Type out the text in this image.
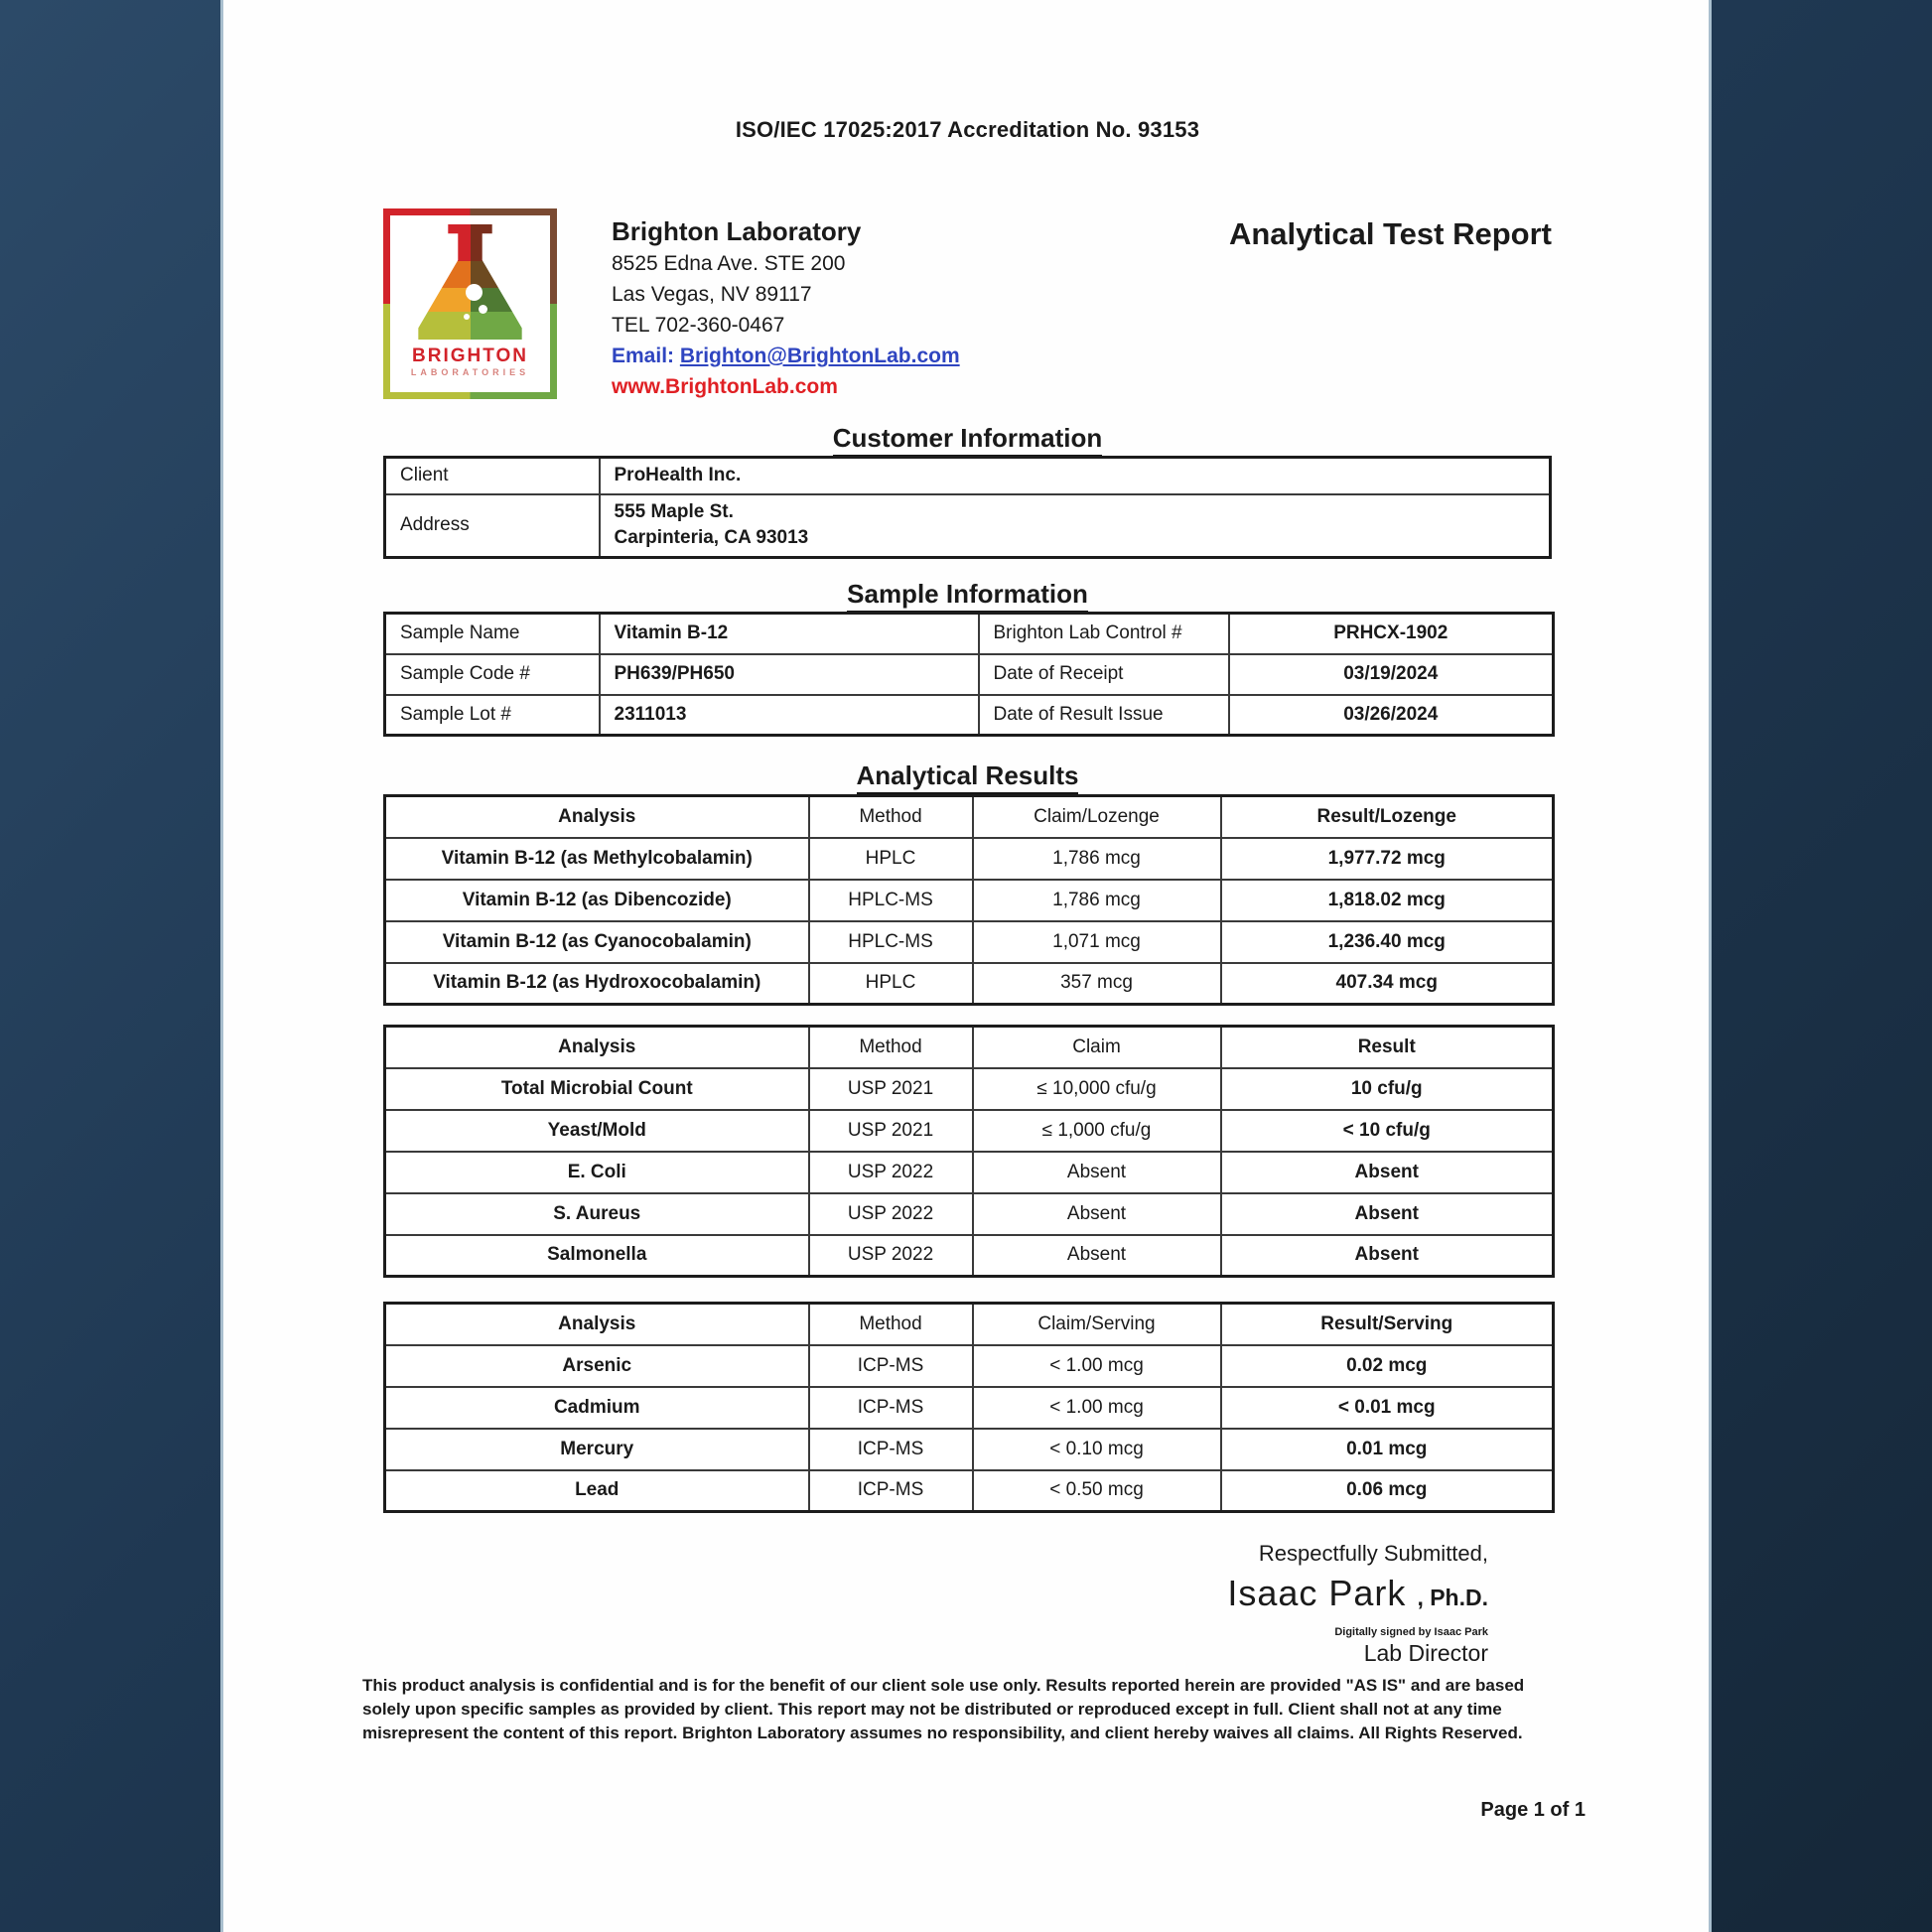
ISO/IEC 17025:2017 Accreditation No. 93153
BRIGHTON
LABORATORIES
Brighton Laboratory
8525 Edna Ave. STE 200
Las Vegas, NV 89117
TEL 702-360-0467
Email: Brighton@BrightonLab.com
www.BrightonLab.com
Analytical Test Report
Customer Information
Client	ProHealth Inc.
Address	555 Maple St.
Carpinteria, CA 93013
Sample Information
Sample Name	Vitamin B-12	Brighton Lab Control #	PRHCX-1902
Sample Code #	PH639/PH650	Date of Receipt	03/19/2024
Sample Lot #	2311013	Date of Result Issue	03/26/2024
Analytical Results
Analysis	Method	Claim/Lozenge	Result/Lozenge
Vitamin B-12 (as Methylcobalamin)	HPLC	1,786 mcg	1,977.72 mcg
Vitamin B-12 (as Dibencozide)	HPLC-MS	1,786 mcg	1,818.02 mcg
Vitamin B-12 (as Cyanocobalamin)	HPLC-MS	1,071 mcg	1,236.40 mcg
Vitamin B-12 (as Hydroxocobalamin)	HPLC	357 mcg	407.34 mcg
Analysis	Method	Claim	Result
Total Microbial Count	USP 2021	≤ 10,000 cfu/g	10 cfu/g
Yeast/Mold	USP 2021	≤ 1,000 cfu/g	< 10 cfu/g
E. Coli	USP 2022	Absent	Absent
S. Aureus	USP 2022	Absent	Absent
Salmonella	USP 2022	Absent	Absent
Analysis	Method	Claim/Serving	Result/Serving
Arsenic	ICP-MS	< 1.00 mcg	0.02 mcg
Cadmium	ICP-MS	< 1.00 mcg	< 0.01 mcg
Mercury	ICP-MS	< 0.10 mcg	0.01 mcg
Lead	ICP-MS	< 0.50 mcg	0.06 mcg
Respectfully Submitted,
Isaac Park , Ph.D.
Digitally signed by Isaac Park
Lab Director
This product analysis is confidential and is for the benefit of our client sole use only. Results reported herein are provided "AS IS" and are based solely upon specific samples as provided by client. This report may not be distributed or reproduced except in full. Client shall not at any time misrepresent the content of this report. Brighton Laboratory assumes no responsibility, and client hereby waives all claims. All Rights Reserved.
Page 1 of 1
